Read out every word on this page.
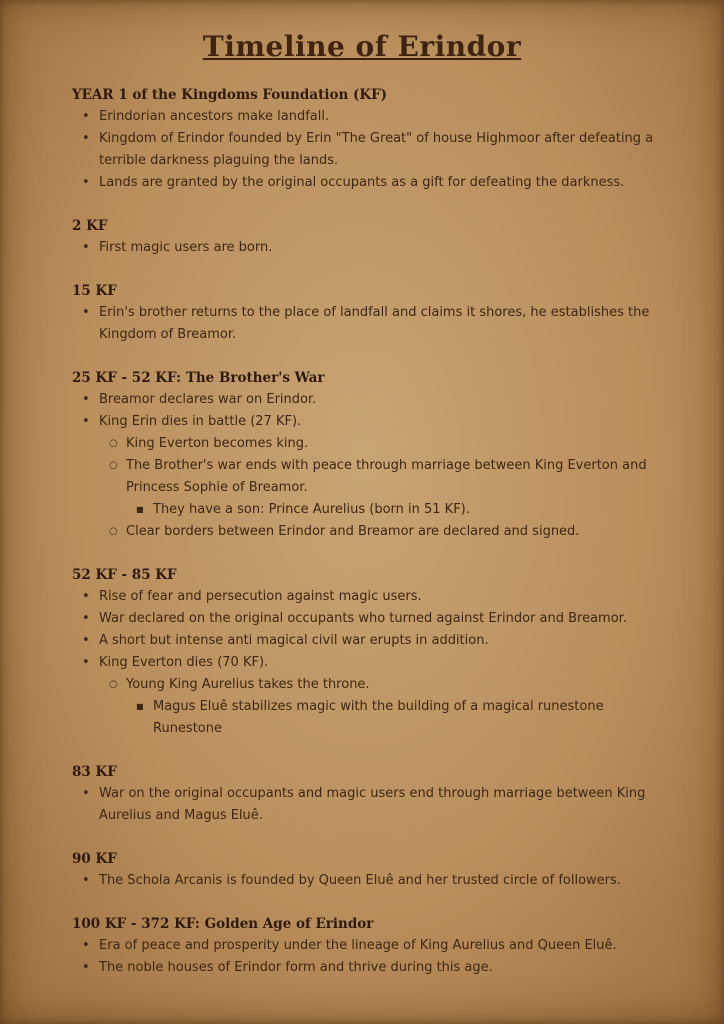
Timeline of Erindor
YEAR 1 of the Kingdoms Foundation (KF)
• Erindorian ancestors make landfall.
• Kingdom of Erindor founded by Erin "The Great" of house Highmoor after defeating a terrible darkness plaguing the lands.
• Lands are granted by the original occupants as a gift for defeating the darkness.
2 KF
• First magic users are born.
15 KF
• Erin's brother returns to the place of landfall and claims it shores, he establishes the Kingdom of Breamor.
25 KF - 52 KF: The Brother's War
• Breamor declares war on Erindor.
• King Erin dies in battle (27 KF).
○ King Everton becomes king.
○ The Brother's war ends with peace through marriage between King Everton and Princess Sophie of Breamor.
■ They have a son: Prince Aurelius (born in 51 KF).
○ Clear borders between Erindor and Breamor are declared and signed.
52 KF - 85 KF
• Rise of fear and persecution against magic users.
• War declared on the original occupants who turned against Erindor and Breamor.
• A short but intense anti magical civil war erupts in addition.
• King Everton dies (70 KF).
○ Young King Aurelius takes the throne.
■ Magus Eluê stabilizes magic with the building of a magical runestone Runestone
83 KF
• War on the original occupants and magic users end through marriage between King Aurelius and Magus Eluê.
90 KF
• The Schola Arcanis is founded by Queen Eluê and her trusted circle of followers.
100 KF - 372 KF: Golden Age of Erindor
• Era of peace and prosperity under the lineage of King Aurelius and Queen Eluê.
• The noble houses of Erindor form and thrive during this age.
